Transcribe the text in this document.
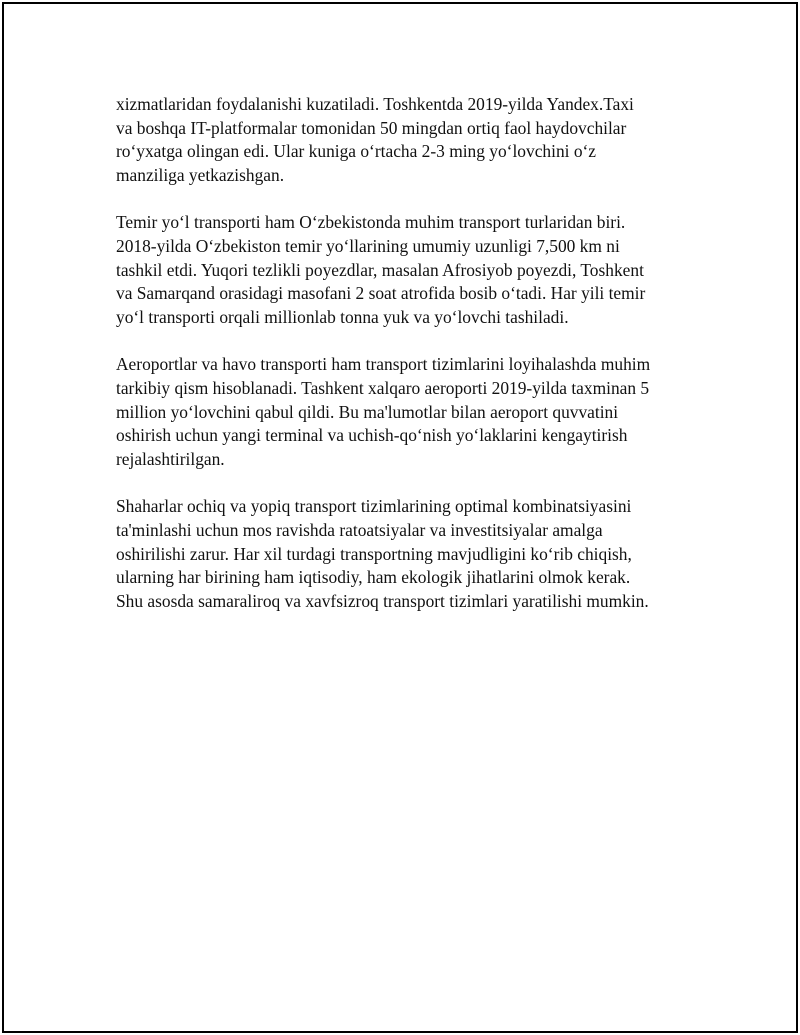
xizmatlaridan foydalanishi kuzatiladi. Toshkentda 2019-yilda Yandex.Taxi
va boshqa IT-platformalar tomonidan 50 mingdan ortiq faol haydovchilar
ro‘yxatga olingan edi. Ular kuniga o‘rtacha 2-3 ming yo‘lovchini o‘z
manziliga yetkazishgan.

Temir yo‘l transporti ham O‘zbekistonda muhim transport turlaridan biri.
2018-yilda O‘zbekiston temir yo‘llarining umumiy uzunligi 7,500 km ni
tashkil etdi. Yuqori tezlikli poyezdlar, masalan Afrosiyob poyezdi, Toshkent
va Samarqand orasidagi masofani 2 soat atrofida bosib o‘tadi. Har yili temir
yo‘l transporti orqali millionlab tonna yuk va yo‘lovchi tashiladi.

Aeroportlar va havo transporti ham transport tizimlarini loyihalashda muhim
tarkibiy qism hisoblanadi. Tashkent xalqaro aeroporti 2019-yilda taxminan 5
million yo‘lovchini qabul qildi. Bu ma'lumotlar bilan aeroport quvvatini
oshirish uchun yangi terminal va uchish-qo‘nish yo‘laklarini kengaytirish
rejalashtirilgan.

Shaharlar ochiq va yopiq transport tizimlarining optimal kombinatsiyasini
ta'minlashi uchun mos ravishda ratoatsiyalar va investitsiyalar amalga
oshirilishi zarur. Har xil turdagi transportning mavjudligini ko‘rib chiqish,
ularning har birining ham iqtisodiy, ham ekologik jihatlarini olmok kerak.
Shu asosda samaraliroq va xavfsizroq transport tizimlari yaratilishi mumkin.
